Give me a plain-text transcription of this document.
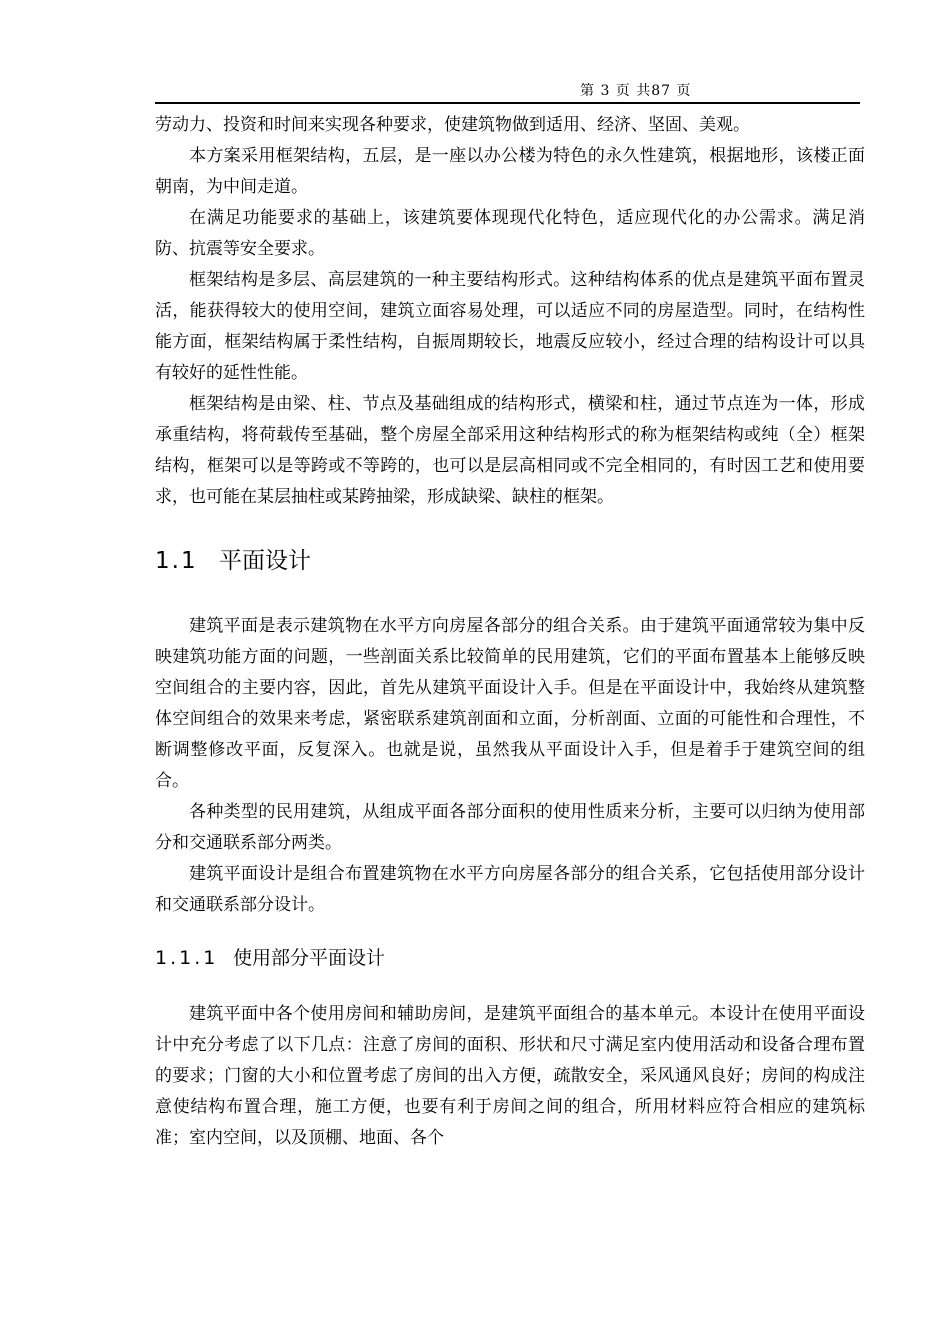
第 3 页 共87 页

劳动力、投资和时间来实现各种要求，使建筑物做到适用、经济、坚固、美观。

本方案采用框架结构，五层，是一座以办公楼为特色的永久性建筑，根据地形，该楼正面朝南，为中间走道。

在满足功能要求的基础上，该建筑要体现现代化特色，适应现代化的办公需求。满足消防、抗震等安全要求。

框架结构是多层、高层建筑的一种主要结构形式。这种结构体系的优点是建筑平面布置灵活，能获得较大的使用空间，建筑立面容易处理，可以适应不同的房屋造型。同时，在结构性能方面，框架结构属于柔性结构，自振周期较长，地震反应较小，经过合理的结构设计可以具有较好的延性性能。

框架结构是由梁、柱、节点及基础组成的结构形式，横梁和柱，通过节点连为一体，形成承重结构，将荷载传至基础，整个房屋全部采用这种结构形式的称为框架结构或纯（全）框架结构，框架可以是等跨或不等跨的，也可以是层高相同或不完全相同的，有时因工艺和使用要求，也可能在某层抽柱或某跨抽梁，形成缺梁、缺柱的框架。

1.1 平面设计

建筑平面是表示建筑物在水平方向房屋各部分的组合关系。由于建筑平面通常较为集中反映建筑功能方面的问题，一些剖面关系比较简单的民用建筑，它们的平面布置基本上能够反映空间组合的主要内容，因此，首先从建筑平面设计入手。但是在平面设计中，我始终从建筑整体空间组合的效果来考虑，紧密联系建筑剖面和立面，分析剖面、立面的可能性和合理性，不断调整修改平面，反复深入。也就是说，虽然我从平面设计入手，但是着手于建筑空间的组合。

各种类型的民用建筑，从组成平面各部分面积的使用性质来分析，主要可以归纳为使用部分和交通联系部分两类。

建筑平面设计是组合布置建筑物在水平方向房屋各部分的组合关系，它包括使用部分设计和交通联系部分设计。

1.1.1 使用部分平面设计

建筑平面中各个使用房间和辅助房间，是建筑平面组合的基本单元。本设计在使用平面设计中充分考虑了以下几点：注意了房间的面积、形状和尺寸满足室内使用活动和设备合理布置的要求；门窗的大小和位置考虑了房间的出入方便，疏散安全，采风通风良好；房间的构成注意使结构布置合理，施工方便，也要有利于房间之间的组合，所用材料应符合相应的建筑标准；室内空间，以及顶棚、地面、各个
